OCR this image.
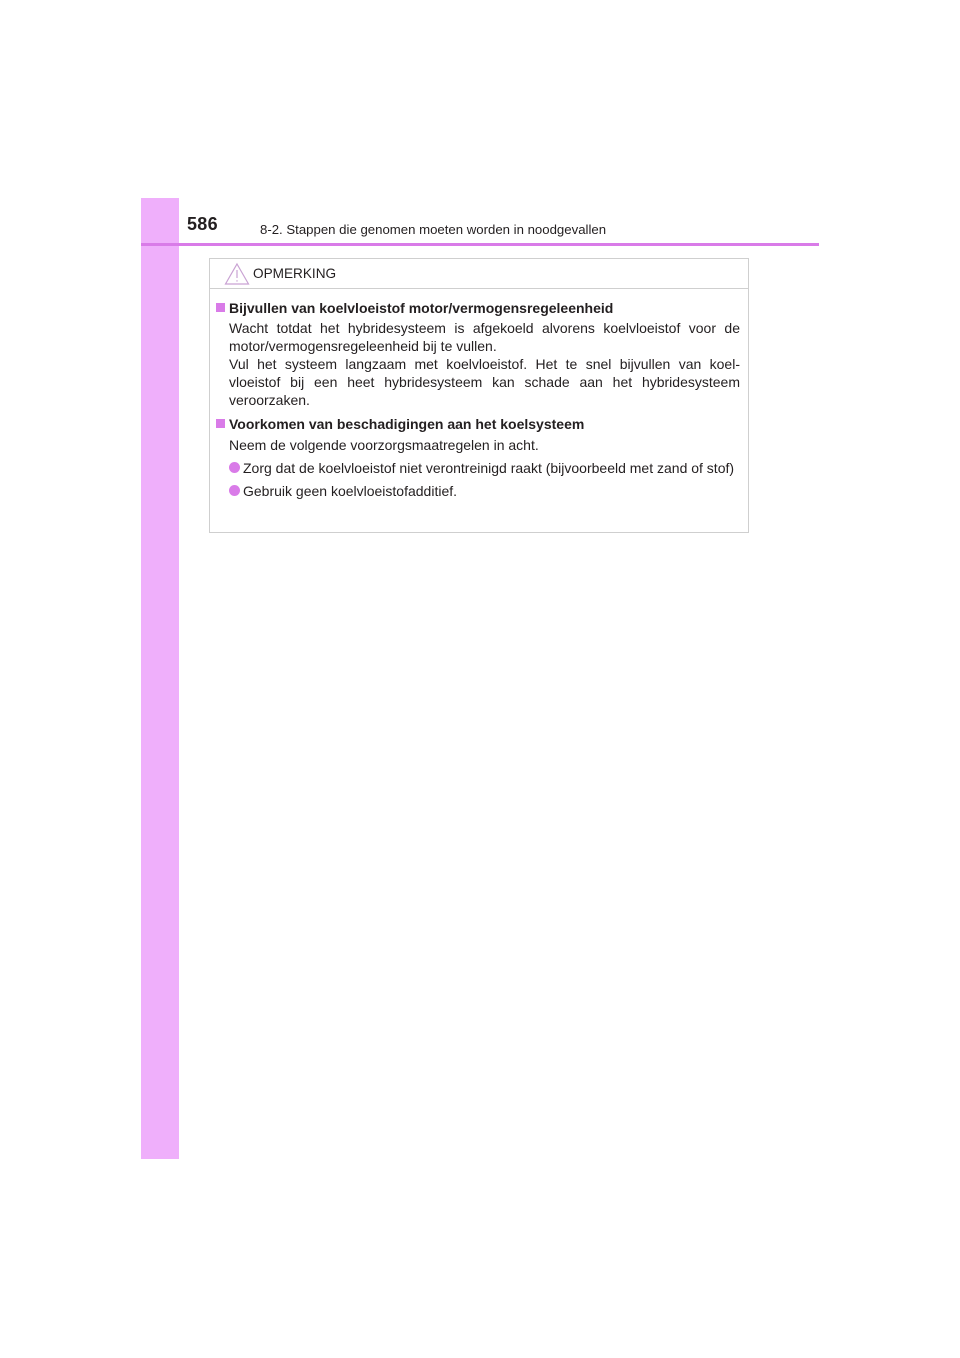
586	8-2. Stappen die genomen moeten worden in noodgevallen
OPMERKING
Bijvullen van koelvloeistof motor/vermogensregeleenheid
Wacht totdat het hybridesysteem is afgekoeld alvorens koelvloeistof voor de motor/vermogensregeleenheid bij te vullen.
Vul het systeem langzaam met koelvloeistof. Het te snel bijvullen van koel-vloeistof bij een heet hybridesysteem kan schade aan het hybridesysteem veroorzaken.
Voorkomen van beschadigingen aan het koelsysteem
Neem de volgende voorzorgsmaatregelen in acht.
Zorg dat de koelvloeistof niet verontreinigd raakt (bijvoorbeeld met zand of stof)
Gebruik geen koelvloeistofadditief.
